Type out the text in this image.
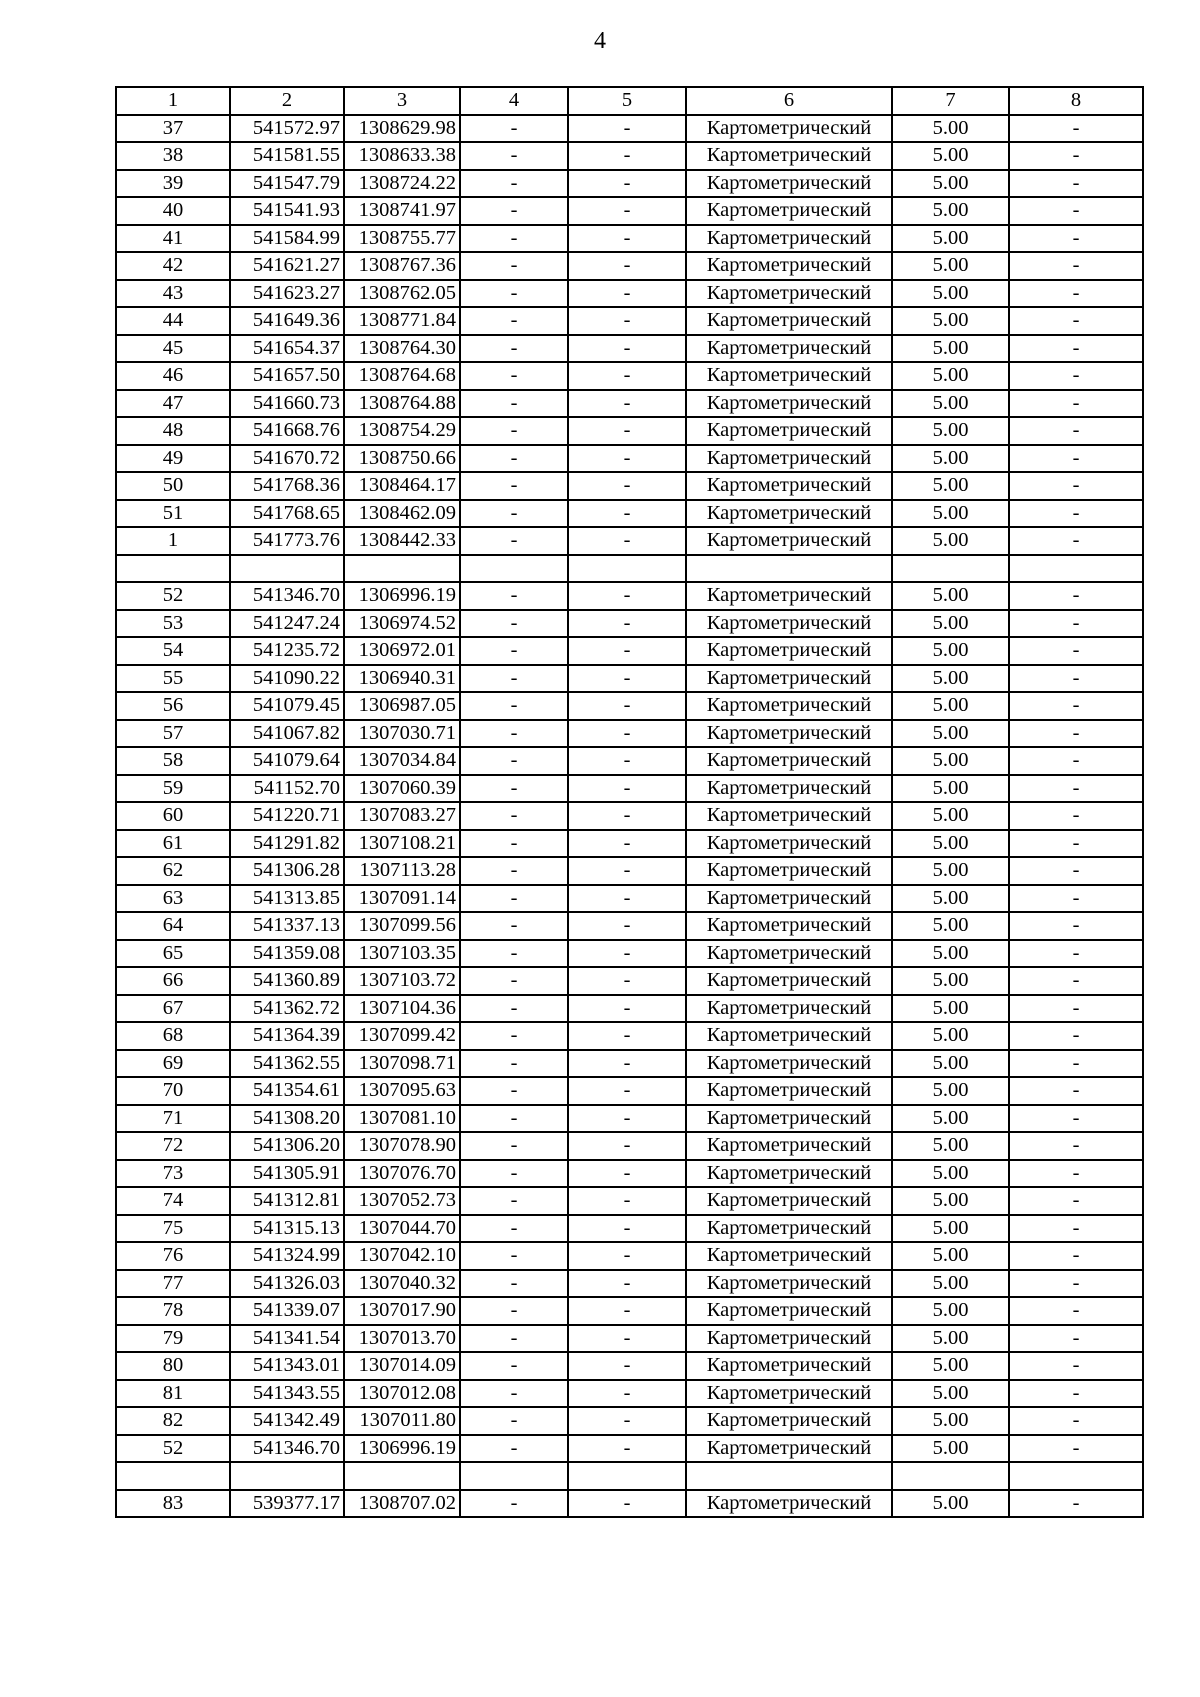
4
1	2	3	4	5	6	7	8
37	541572.97	1308629.98	-	-	Картометрический	5.00	-
38	541581.55	1308633.38	-	-	Картометрический	5.00	-
39	541547.79	1308724.22	-	-	Картометрический	5.00	-
40	541541.93	1308741.97	-	-	Картометрический	5.00	-
41	541584.99	1308755.77	-	-	Картометрический	5.00	-
42	541621.27	1308767.36	-	-	Картометрический	5.00	-
43	541623.27	1308762.05	-	-	Картометрический	5.00	-
44	541649.36	1308771.84	-	-	Картометрический	5.00	-
45	541654.37	1308764.30	-	-	Картометрический	5.00	-
46	541657.50	1308764.68	-	-	Картометрический	5.00	-
47	541660.73	1308764.88	-	-	Картометрический	5.00	-
48	541668.76	1308754.29	-	-	Картометрический	5.00	-
49	541670.72	1308750.66	-	-	Картометрический	5.00	-
50	541768.36	1308464.17	-	-	Картометрический	5.00	-
51	541768.65	1308462.09	-	-	Картометрический	5.00	-
1	541773.76	1308442.33	-	-	Картометрический	5.00	-

52	541346.70	1306996.19	-	-	Картометрический	5.00	-
53	541247.24	1306974.52	-	-	Картометрический	5.00	-
54	541235.72	1306972.01	-	-	Картометрический	5.00	-
55	541090.22	1306940.31	-	-	Картометрический	5.00	-
56	541079.45	1306987.05	-	-	Картометрический	5.00	-
57	541067.82	1307030.71	-	-	Картометрический	5.00	-
58	541079.64	1307034.84	-	-	Картометрический	5.00	-
59	541152.70	1307060.39	-	-	Картометрический	5.00	-
60	541220.71	1307083.27	-	-	Картометрический	5.00	-
61	541291.82	1307108.21	-	-	Картометрический	5.00	-
62	541306.28	1307113.28	-	-	Картометрический	5.00	-
63	541313.85	1307091.14	-	-	Картометрический	5.00	-
64	541337.13	1307099.56	-	-	Картометрический	5.00	-
65	541359.08	1307103.35	-	-	Картометрический	5.00	-
66	541360.89	1307103.72	-	-	Картометрический	5.00	-
67	541362.72	1307104.36	-	-	Картометрический	5.00	-
68	541364.39	1307099.42	-	-	Картометрический	5.00	-
69	541362.55	1307098.71	-	-	Картометрический	5.00	-
70	541354.61	1307095.63	-	-	Картометрический	5.00	-
71	541308.20	1307081.10	-	-	Картометрический	5.00	-
72	541306.20	1307078.90	-	-	Картометрический	5.00	-
73	541305.91	1307076.70	-	-	Картометрический	5.00	-
74	541312.81	1307052.73	-	-	Картометрический	5.00	-
75	541315.13	1307044.70	-	-	Картометрический	5.00	-
76	541324.99	1307042.10	-	-	Картометрический	5.00	-
77	541326.03	1307040.32	-	-	Картометрический	5.00	-
78	541339.07	1307017.90	-	-	Картометрический	5.00	-
79	541341.54	1307013.70	-	-	Картометрический	5.00	-
80	541343.01	1307014.09	-	-	Картометрический	5.00	-
81	541343.55	1307012.08	-	-	Картометрический	5.00	-
82	541342.49	1307011.80	-	-	Картометрический	5.00	-
52	541346.70	1306996.19	-	-	Картометрический	5.00	-

83	539377.17	1308707.02	-	-	Картометрический	5.00	-
